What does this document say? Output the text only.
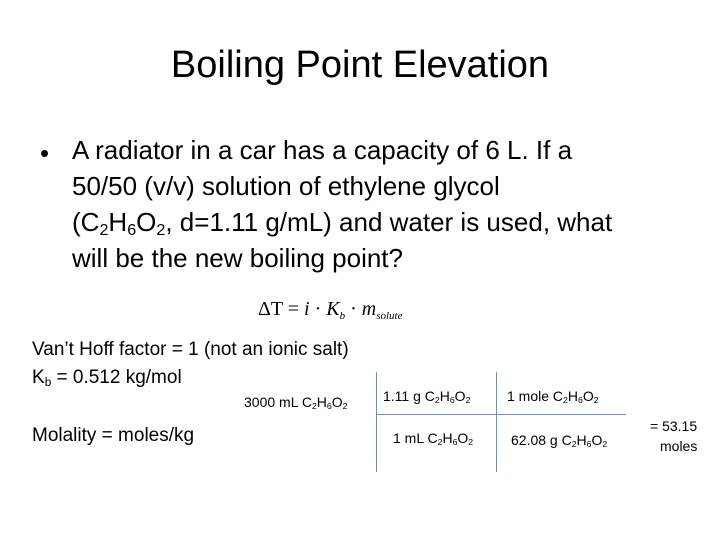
Boiling Point Elevation
• A radiator in a car has a capacity of 6 L. If a
50/50 (v/v) solution of ethylene glycol
($C_2H_6O_2$, d=1.11 g/mL) and water is used, what
will be the new boiling point?
$\Delta T = i \cdot K_b \cdot m_{solute}$
Van’t Hoff factor = 1 (not an ionic salt)
$K_b = 0.512$ kg/mol
Molality = moles/kg
3000 mL $C_2H_6O_2$
1.11 g $C_2H_6O_2$
1 mL $C_2H_6O_2$
1 mole $C_2H_6O_2$
62.08 g $C_2H_6O_2$
= 53.15
moles
